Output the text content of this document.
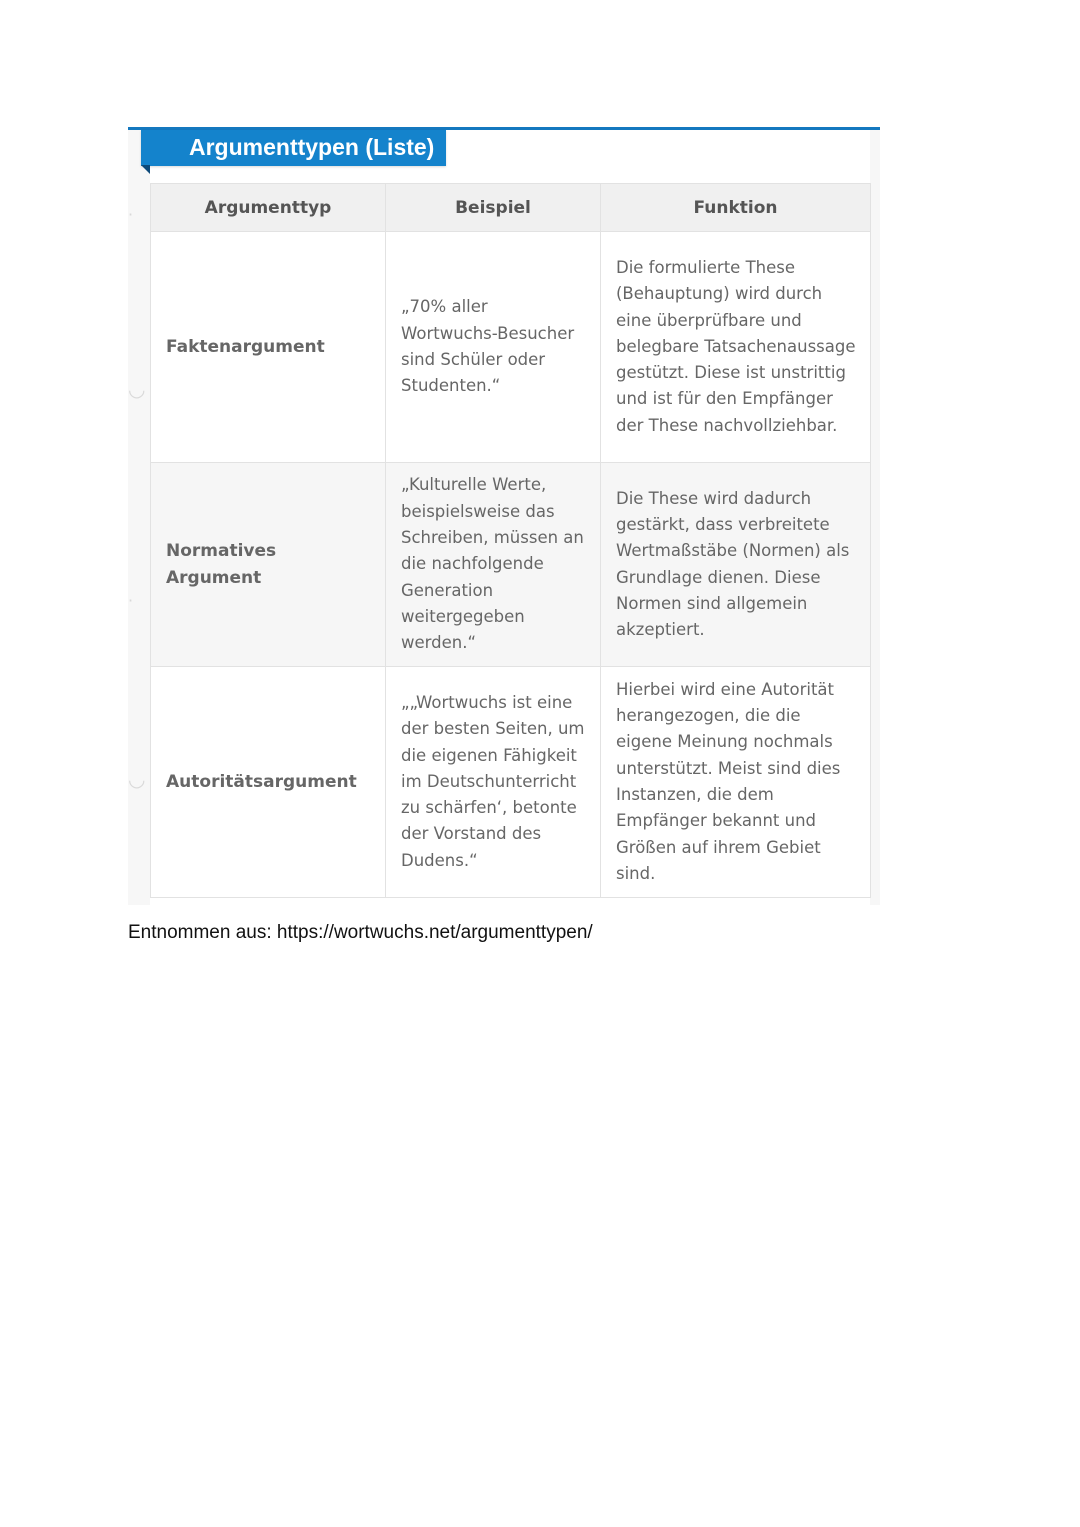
·
◡
·
◡
Argumenttypen (Liste)
Argumenttyp	Beispiel	Funktion
Faktenargument	„70% aller Wortwuchs-Besucher sind Schüler oder Studenten.“	Die formulierte These (Behauptung) wird durch eine überprüfbare und belegbare Tatsachenaussage gestützt. Diese ist unstrittig und ist für den Empfänger der These nachvollziehbar.
Normatives Argument	„Kulturelle Werte, beispielsweise das Schreiben, müssen an die nachfolgende Generation weitergegeben werden.“	Die These wird dadurch gestärkt, dass verbreitete Wertmaßstäbe (Normen) als Grundlage dienen. Diese Normen sind allgemein akzeptiert.
Autoritätsargument	„„Wortwuchs ist eine der besten Seiten, um die eigenen Fähigkeit im Deutschunterricht zu schärfen‘, betonte der Vorstand des Dudens.“	Hierbei wird eine Autorität herangezogen, die die eigene Meinung nochmals unterstützt. Meist sind dies Instanzen, die dem Empfänger bekannt und Größen auf ihrem Gebiet sind.
Entnommen aus: https://wortwuchs.net/argumenttypen/
